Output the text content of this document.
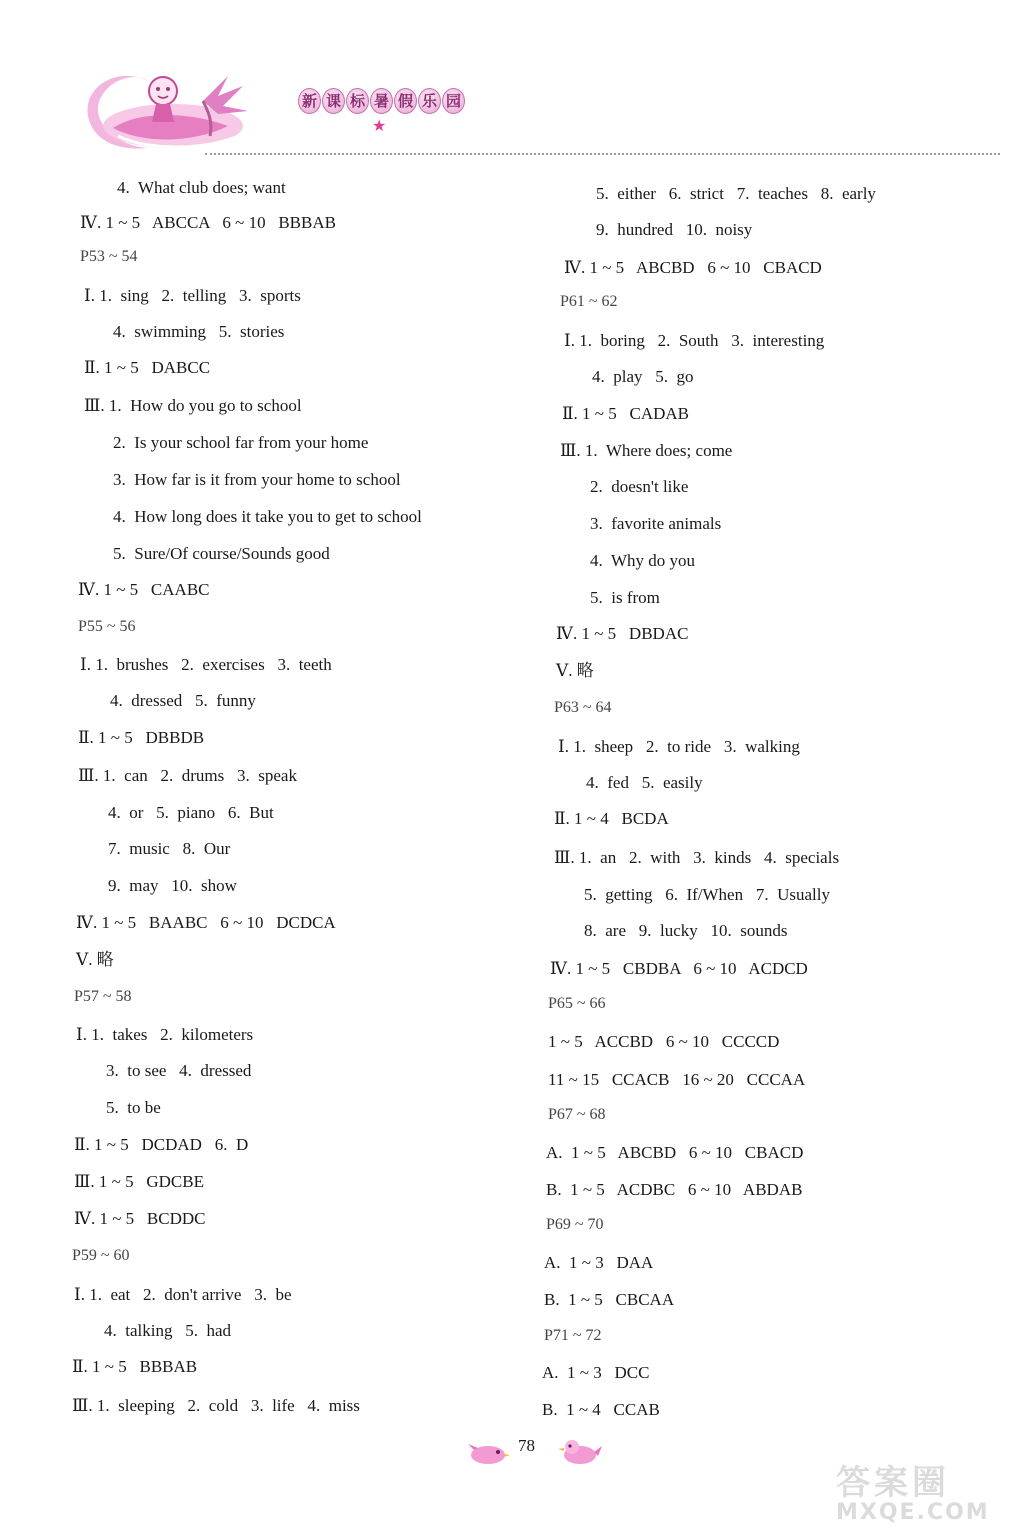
新 课 标 暑 假 乐 园
★
4.  What club does; want
Ⅳ. 1 ~ 5   ABCCA   6 ~ 10   BBBAB
P53 ~ 54
Ⅰ. 1.  sing   2.  telling   3.  sports
4.  swimming   5.  stories
Ⅱ. 1 ~ 5   DABCC
Ⅲ. 1.  How do you go to school
2.  Is your school far from your home
3.  How far is it from your home to school
4.  How long does it take you to get to school
5.  Sure/Of course/Sounds good
Ⅳ. 1 ~ 5   CAABC
P55 ~ 56
Ⅰ. 1.  brushes   2.  exercises   3.  teeth
4.  dressed   5.  funny
Ⅱ. 1 ~ 5   DBBDB
Ⅲ. 1.  can   2.  drums   3.  speak
4.  or   5.  piano   6.  But
7.  music   8.  Our
9.  may   10.  show
Ⅳ. 1 ~ 5   BAABC   6 ~ 10   DCDCA
Ⅴ. 略
P57 ~ 58
Ⅰ. 1.  takes   2.  kilometers
3.  to see   4.  dressed
5.  to be
Ⅱ. 1 ~ 5   DCDAD   6.  D
Ⅲ. 1 ~ 5   GDCBE
Ⅳ. 1 ~ 5   BCDDC
P59 ~ 60
Ⅰ. 1.  eat   2.  don't arrive   3.  be
4.  talking   5.  had
Ⅱ. 1 ~ 5   BBBAB
Ⅲ. 1.  sleeping   2.  cold   3.  life   4.  miss
5.  either   6.  strict   7.  teaches   8.  early
9.  hundred   10.  noisy
Ⅳ. 1 ~ 5   ABCBD   6 ~ 10   CBACD
P61 ~ 62
Ⅰ. 1.  boring   2.  South   3.  interesting
4.  play   5.  go
Ⅱ. 1 ~ 5   CADAB
Ⅲ. 1.  Where does; come
2.  doesn't like
3.  favorite animals
4.  Why do you
5.  is from
Ⅳ. 1 ~ 5   DBDAC
Ⅴ. 略
P63 ~ 64
Ⅰ. 1.  sheep   2.  to ride   3.  walking
4.  fed   5.  easily
Ⅱ. 1 ~ 4   BCDA
Ⅲ. 1.  an   2.  with   3.  kinds   4.  specials
5.  getting   6.  If/When   7.  Usually
8.  are   9.  lucky   10.  sounds
Ⅳ. 1 ~ 5   CBDBA   6 ~ 10   ACDCD
P65 ~ 66
1 ~ 5   ACCBD   6 ~ 10   CCCCD
11 ~ 15   CCACB   16 ~ 20   CCCAA
P67 ~ 68
A.  1 ~ 5   ABCBD   6 ~ 10   CBACD
B.  1 ~ 5   ACDBC   6 ~ 10   ABDAB
P69 ~ 70
A.  1 ~ 3   DAA
B.  1 ~ 5   CBCAA
P71 ~ 72
A.  1 ~ 3   DCC
B.  1 ~ 4   CCAB
78
答案圈
MXQE.COM
